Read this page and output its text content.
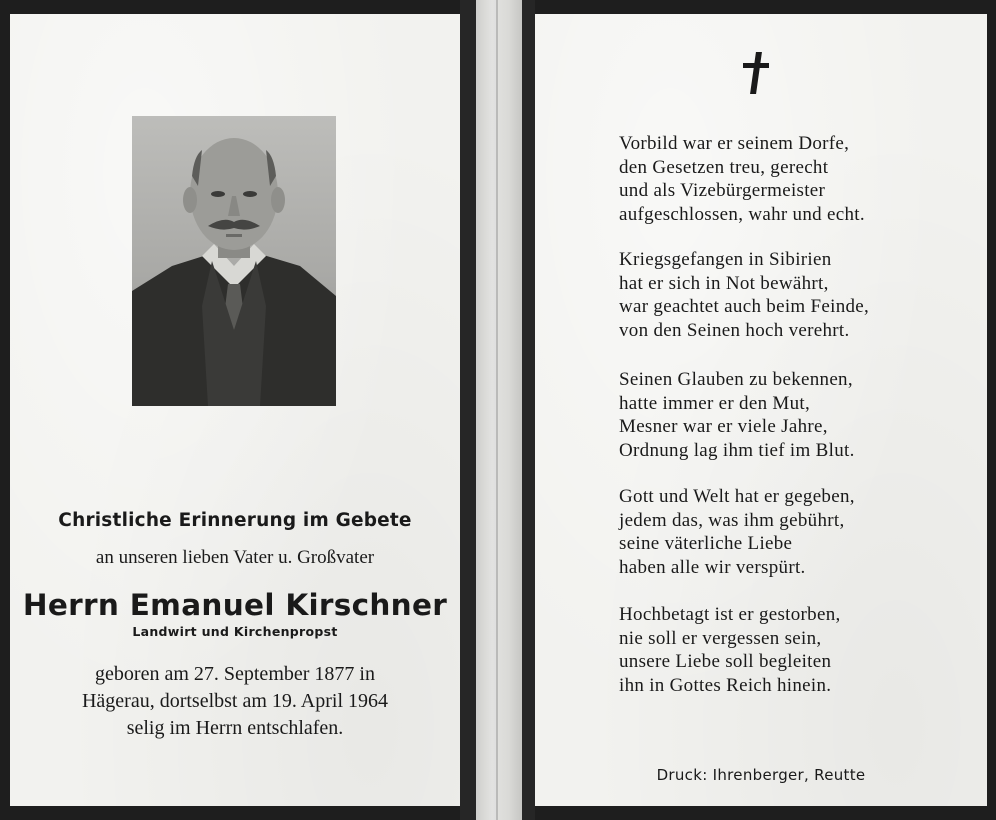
Christliche Erinnerung im Gebete
an unseren lieben Vater u. Großvater
Herrn Emanuel Kirschner
Landwirt und Kirchenpropst
geboren am 27. September 1877 in
Hägerau, dortselbst am 19. April 1964
selig im Herrn entschlafen.
Vorbild war er seinem Dorfe,
den Gesetzen treu, gerecht
und als Vizebürgermeister
aufgeschlossen, wahr und echt.
Kriegsgefangen in Sibirien
hat er sich in Not bewährt,
war geachtet auch beim Feinde,
von den Seinen hoch verehrt.
Seinen Glauben zu bekennen,
hatte immer er den Mut,
Mesner war er viele Jahre,
Ordnung lag ihm tief im Blut.
Gott und Welt hat er gegeben,
jedem das, was ihm gebührt,
seine väterliche Liebe
haben alle wir verspürt.
Hochbetagt ist er gestorben,
nie soll er vergessen sein,
unsere Liebe soll begleiten
ihn in Gottes Reich hinein.
Druck: Ihrenberger, Reutte
